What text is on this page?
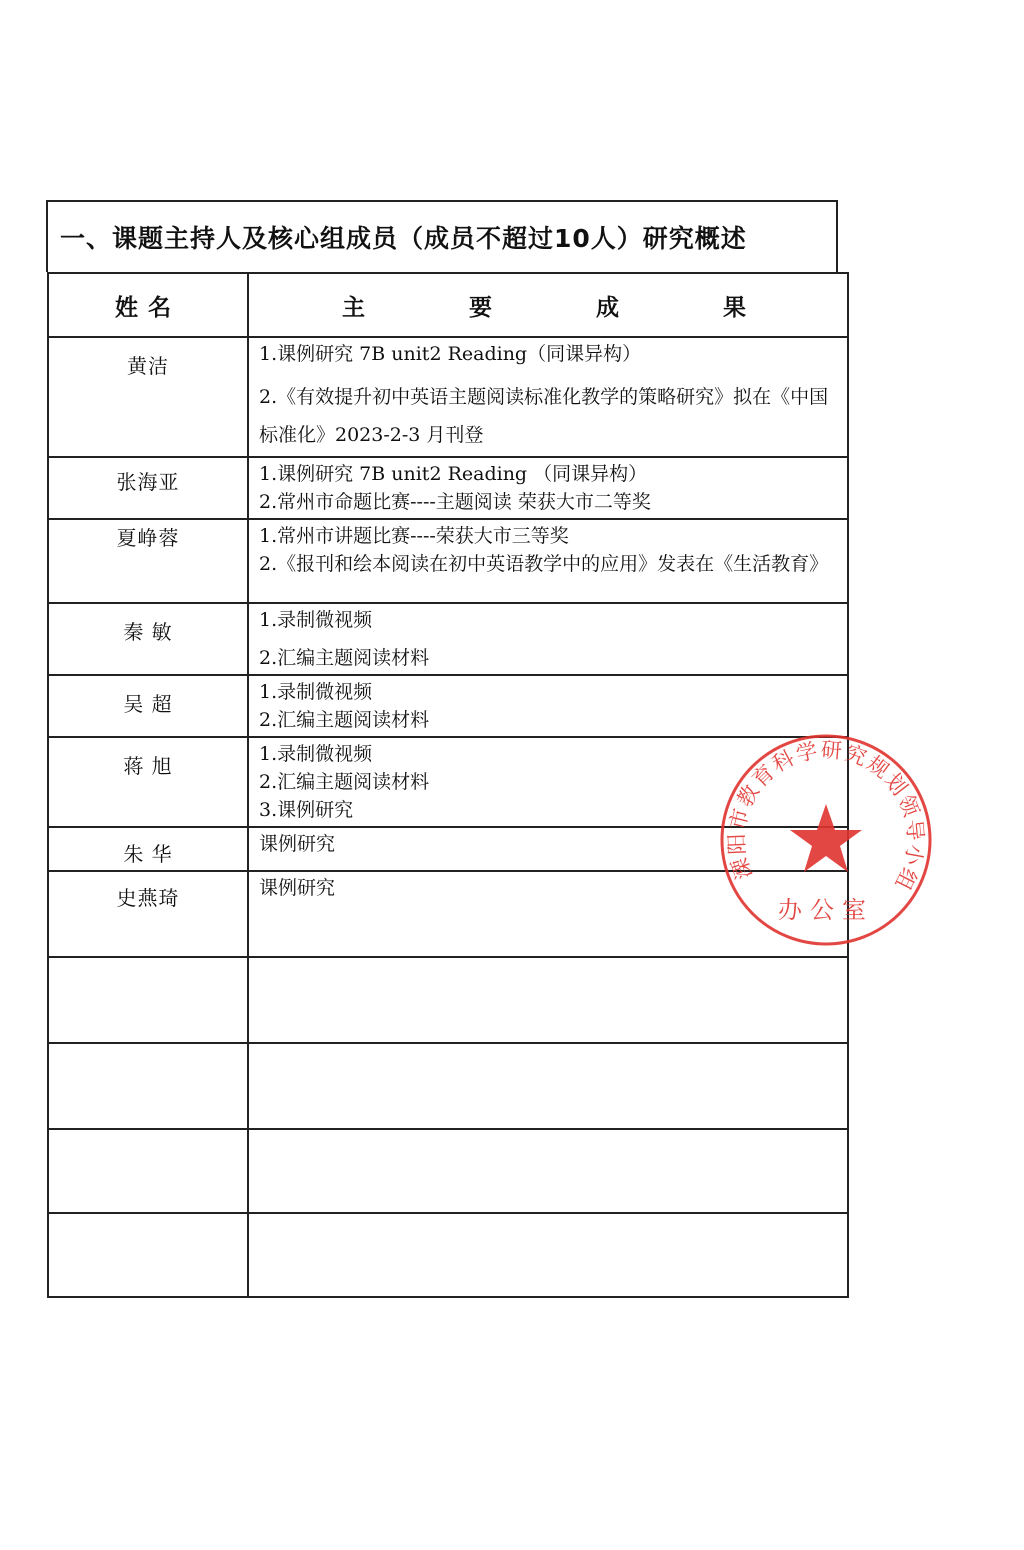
一、课题主持人及核心组成员（成员不超过10人）研究概述
姓名	主 要 成 果

黄洁	1.课例研究 7B unit2 Reading（同课异构）
2.《有效提升初中英语主题阅读标准化教学的策略研究》拟在《中国标准化》2023-2-3 月刊登

张海亚	1.课例研究 7B unit2 Reading （同课异构）
2.常州市命题比赛----主题阅读 荣获大市二等奖

夏峥蓉	1.常州市讲题比赛----荣获大市三等奖
2.《报刊和绘本阅读在初中英语教学中的应用》发表在《生活教育》

秦 敏	1.录制微视频
2.汇编主题阅读材料

吴 超	1.录制微视频
2.汇编主题阅读材料

蒋 旭	1.录制微视频
2.汇编主题阅读材料
3.课例研究

朱 华	课例研究

史燕琦	课例研究

溧阳市教育科学研究规划领导小组
办公室
